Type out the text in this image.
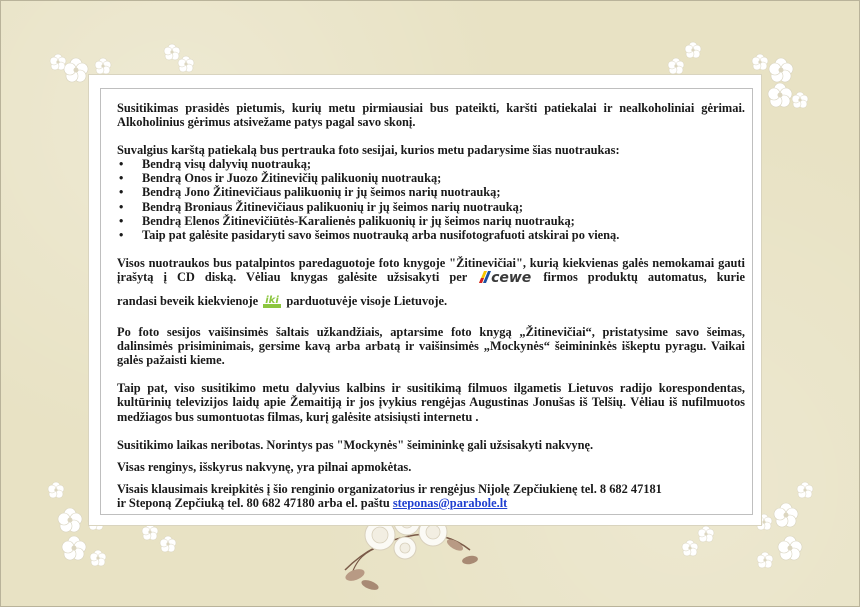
Susitikimas prasidės pietumis, kurių metu pirmiausiai bus pateikti, karšti patiekalai ir nealkoholiniai gėrimai. Alkoholinius gėrimus atsivežame patys pagal savo skonį.

Suvalgius karštą patiekalą bus pertrauka foto sesijai, kurios metu padarysime šias nuotraukas:

• Bendrą visų dalyvių nuotrauką;
• Bendrą Onos ir Juozo Žitinevičių palikuonių nuotrauką;
• Bendrą Jono Žitinevičiaus palikuonių ir jų šeimos narių nuotrauką;
• Bendrą Broniaus Žitinevičiaus palikuonių ir jų šeimos narių nuotrauką;
• Bendrą Elenos Žitinevičiūtės-Karalienės palikuonių ir jų šeimos narių nuotrauką;
• Taip pat galėsite pasidaryti savo šeimos nuotrauką arba nusifotografuoti atskirai po vieną.

Visos nuotraukos bus patalpintos paredaguotoje foto knygoje "Žitinevičiai", kurią kiekvienas galės nemokamai gauti įrašytą į CD diską. Vėliau knygas galėsite užsisakyti per cewe firmos produktų automatus, kurie

randasi beveik kiekvienoje iki parduotuvėje visoje Lietuvoje.

Po foto sesijos vaišinsimės šaltais užkandžiais, aptarsime foto knygą „Žitinevičiai“, pristatysime savo šeimas, dalinsimės prisiminimais, gersime kavą arba arbatą ir vaišinsimės „Mockynės“ šeimininkės iškeptu pyragu. Vaikai galės pažaisti kieme.

Taip pat, viso susitikimo metu dalyvius kalbins ir susitikimą filmuos ilgametis Lietuvos radijo korespondentas, kultūrinių televizijos laidų apie Žemaitiją ir jos įvykius rengėjas Augustinas Jonušas iš Telšių. Vėliau iš nufilmuotos medžiagos bus sumontuotas filmas, kurį galėsite atsisiųsti internetu .

Susitikimo laikas neribotas. Norintys pas "Mockynės" šeimininkę gali užsisakyti nakvynę.

Visas renginys, išskyrus nakvynę, yra pilnai apmokėtas.

Visais klausimais kreipkitės į šio renginio organizatorius ir rengėjus Nijolę Zepčiukienę tel. 8 682 47181
ir Steponą Zepčiuką tel. 80 682 47180 arba el. paštu steponas@parabole.lt
